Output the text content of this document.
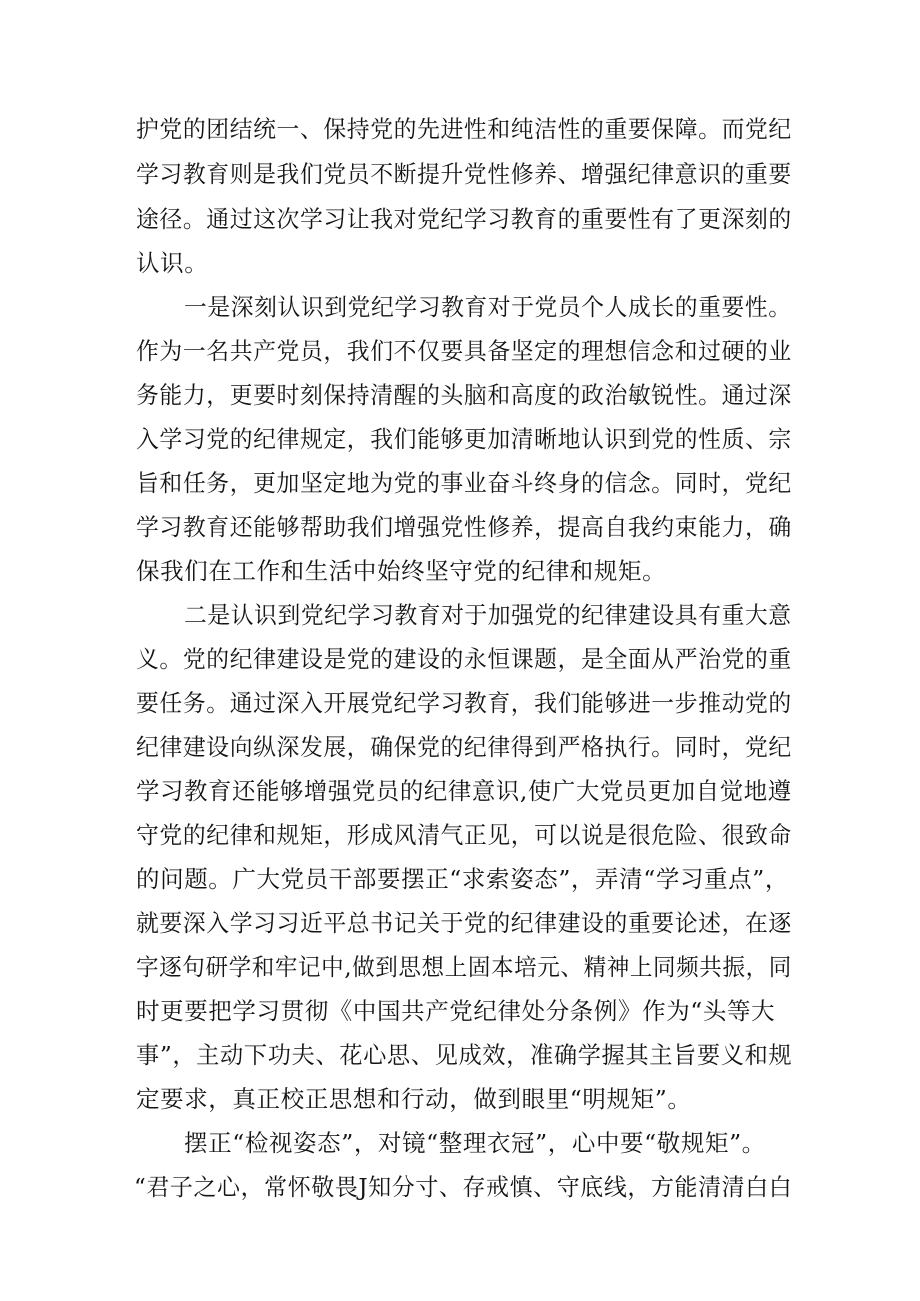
护党的团结统一、保持党的先进性和纯洁性的重要保障。而党纪
学习教育则是我们党员不断提升党性修养、增强纪律意识的重要
途径。通过这次学习让我对党纪学习教育的重要性有了更深刻的
认识。
一是深刻认识到党纪学习教育对于党员个人成长的重要性。
作为一名共产党员，我们不仅要具备坚定的理想信念和过硬的业
务能力，更要时刻保持清醒的头脑和高度的政治敏锐性。通过深
入学习党的纪律规定，我们能够更加清晰地认识到党的性质、宗
旨和任务，更加坚定地为党的事业奋斗终身的信念。同时，党纪
学习教育还能够帮助我们增强党性修养，提高自我约束能力，确
保我们在工作和生活中始终坚守党的纪律和规矩。
二是认识到党纪学习教育对于加强党的纪律建设具有重大意
义。党的纪律建设是党的建设的永恒课题，是全面从严治党的重
要任务。通过深入开展党纪学习教育，我们能够进一步推动党的
纪律建设向纵深发展，确保党的纪律得到严格执行。同时，党纪
学习教育还能够增强党员的纪律意识,使广大党员更加自觉地遵
守党的纪律和规矩，形成风清气正见，可以说是很危险、很致命
的问题。广大党员干部要摆正“求索姿态”，弄清“学习重点”，
就要深入学习习近平总书记关于党的纪律建设的重要论述，在逐
字逐句研学和牢记中,做到思想上固本培元、精神上同频共振，同
时更要把学习贯彻《中国共产党纪律处分条例》作为“头等大
事”，主动下功夫、花心思、见成效，准确学握其主旨要义和规
定要求，真正校正思想和行动，做到眼里“明规矩”。
摆正“检视姿态”，对镜“整理衣冠”，心中要“敬规矩”。
“君子之心，常怀敬畏J知分寸、存戒慎、守底线，方能清清白白
